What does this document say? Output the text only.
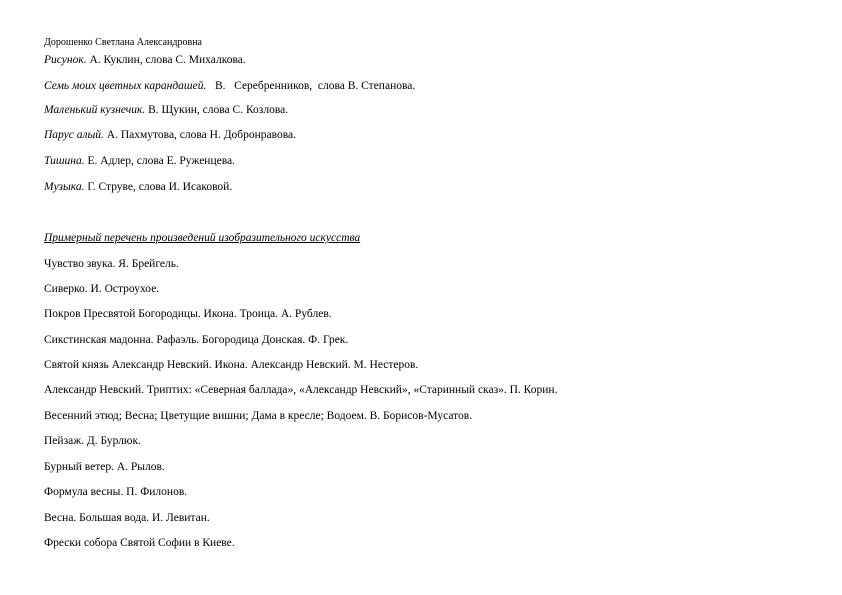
Дорошенко Светлана Александровна
Рисунок. А. Куклин, слова С. Михалкова.
Семь моих цветных карандашей.   В.   Серебренников,  слова В. Степанова.
Маленький кузнечик. В. Щукин, слова С. Козлова.
Парус алый. А. Пахмутова, слова Н. Добронравова.
Тишина. Е. Адлер, слова Е. Руженцева.
Музыка. Г. Струве, слова И. Исаковой.
Примерный перечень произведений изобразительного искусства
Чувство звука. Я. Брейгель.
Сиверко. И. Остроухое.
Покров Пресвятой Богородицы. Икона. Троица. А. Рублев.
Сикстинская мадонна. Рафаэль. Богородица Донская. Ф. Грек.
Святой князь Александр Невский. Икона. Александр Невский. М. Нестеров.
Александр Невский. Триптих: «Северная баллада», «Александр Невский», «Старинный сказ». П. Корин.
Весенний этюд; Весна; Цветущие вишни; Дама в кресле; Водоем. В. Борисов-Мусатов.
Пейзаж. Д. Бурлюк.
Бурный ветер. А. Рылов.
Формула весны. П. Филонов.
Весна. Большая вода. И. Левитан.
Фрески собора Святой Софии в Киеве.
